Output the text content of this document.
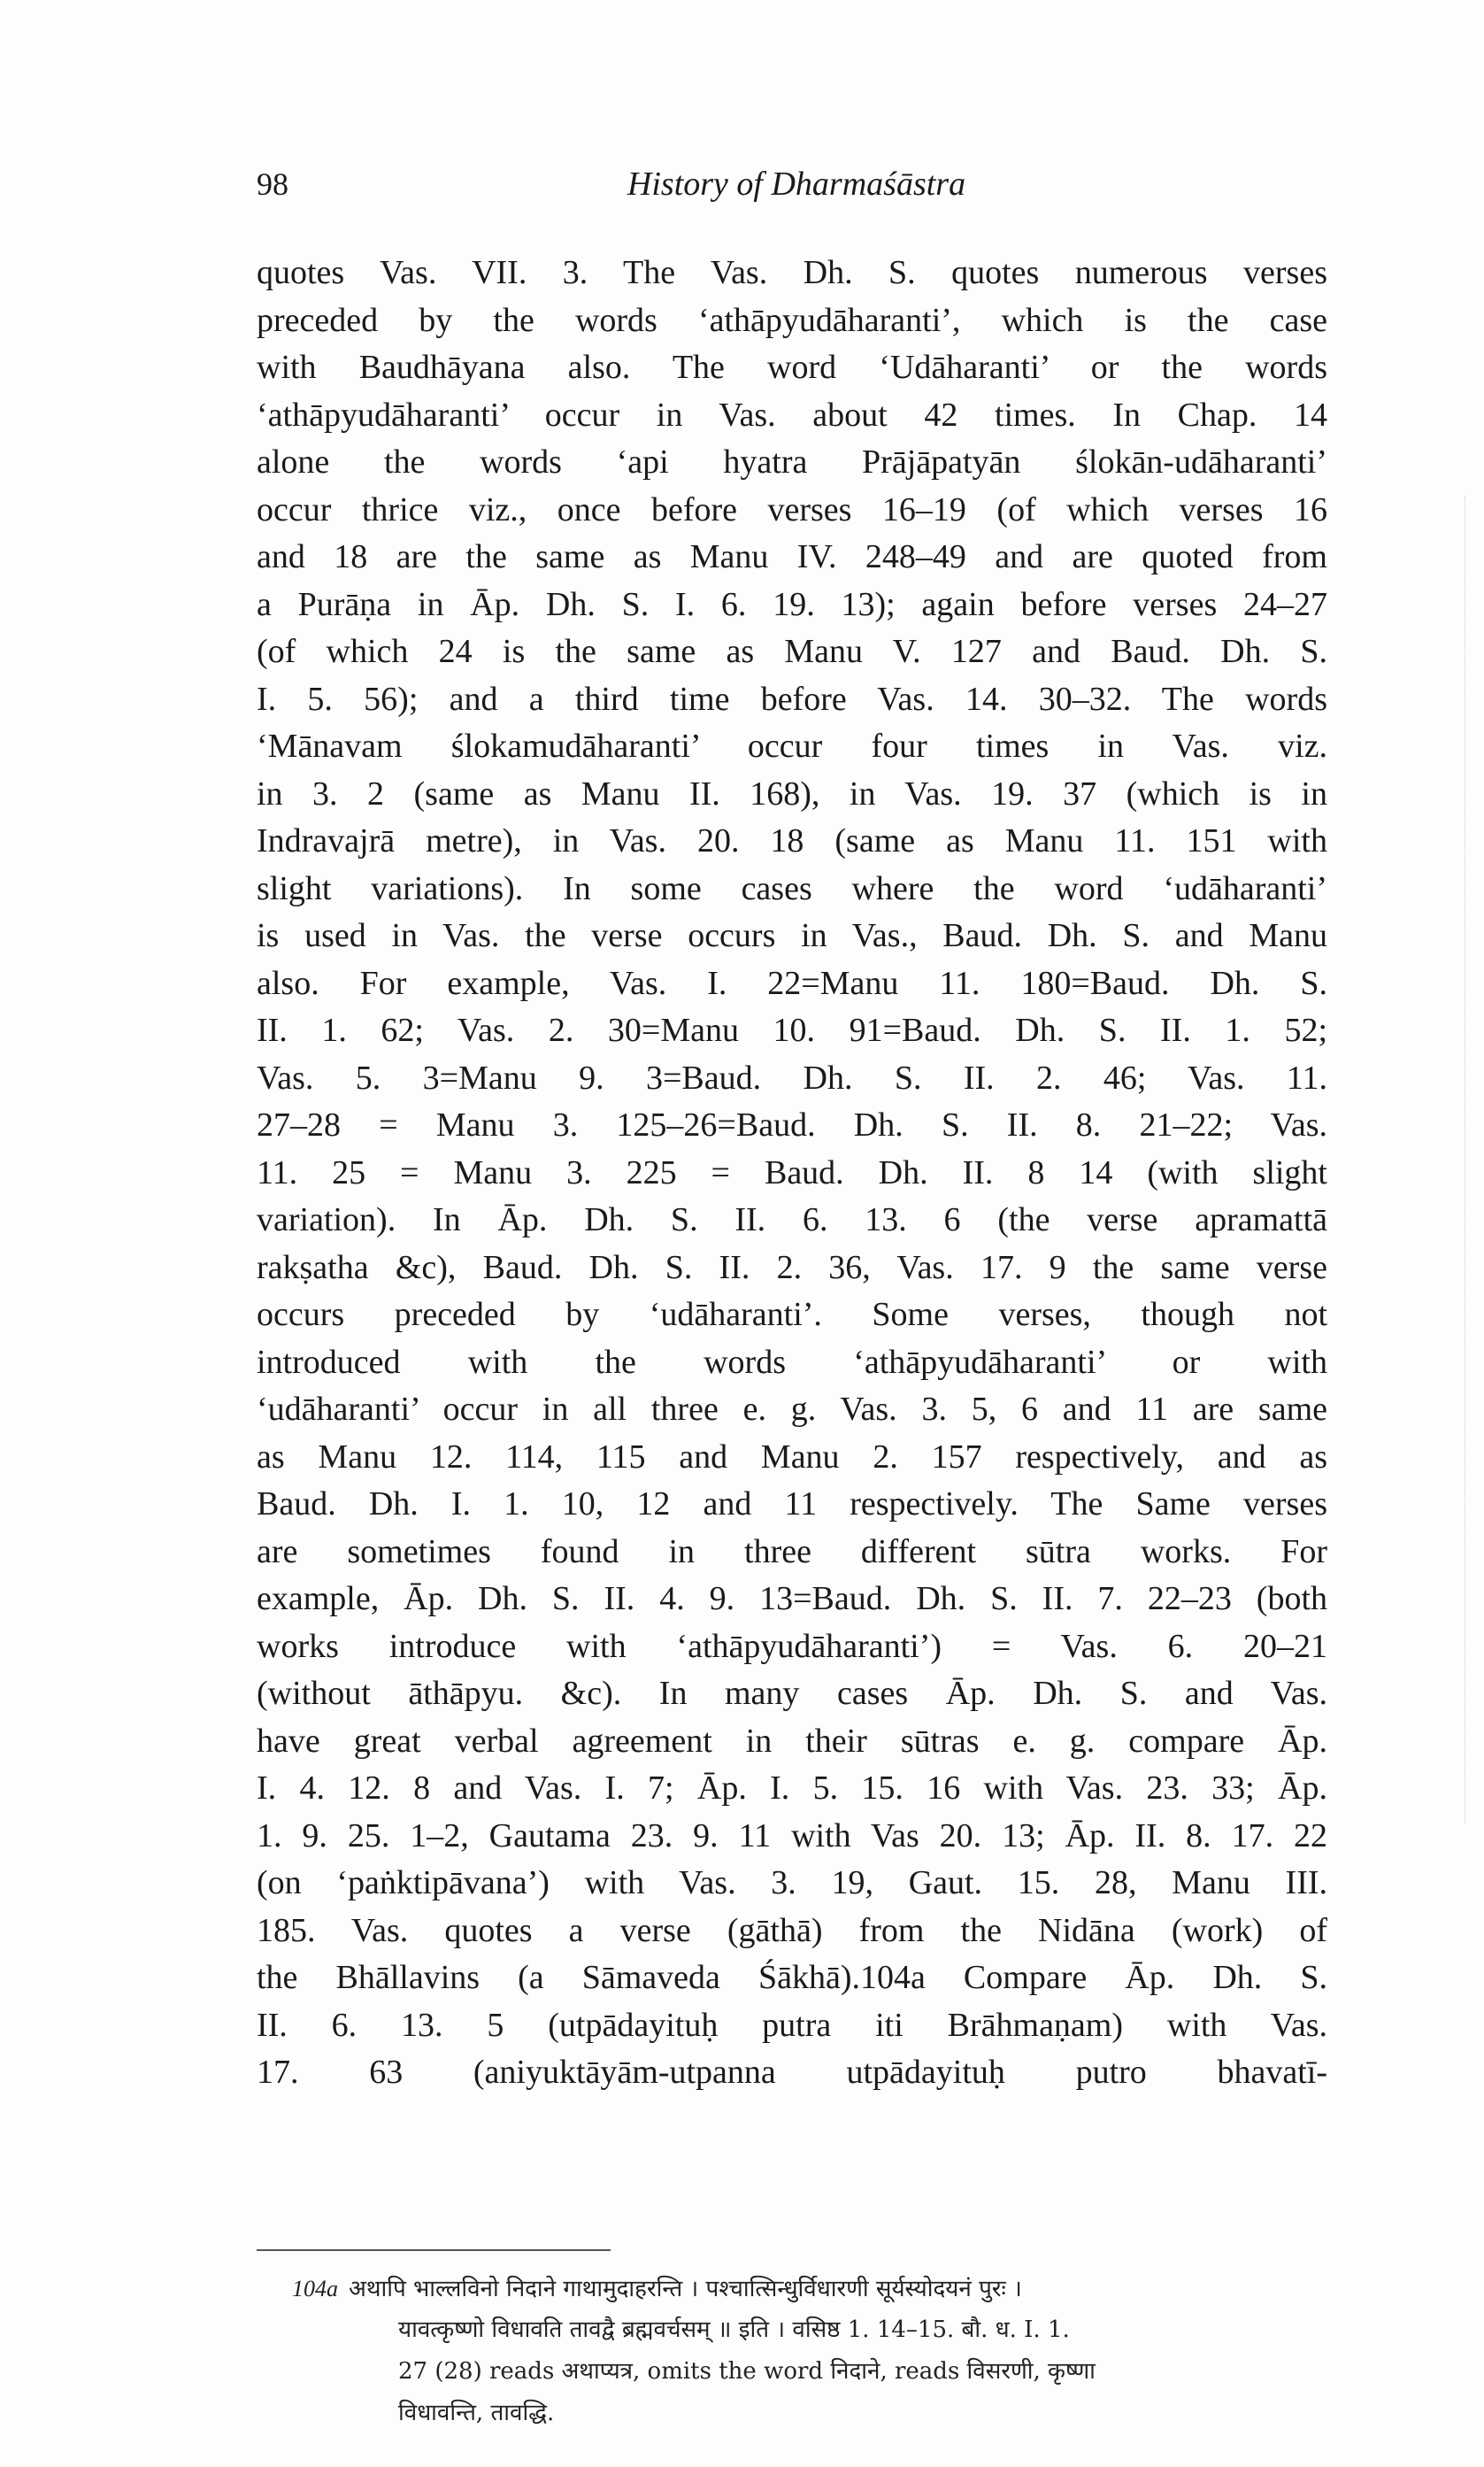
98	History of Dharmaśāstra
quotes Vas. VII. 3. The Vas. Dh. S. quotes numerous verses
preceded by the words ‘athāpyudāharanti’, which is the case
with Baudhāyana also. The word ‘Udāharanti’ or the words
‘athāpyudāharanti’ occur in Vas. about 42 times. In Chap. 14
alone the words ‘api hyatra Prājāpatyān ślokān-udāharanti’
occur thrice viz., once before verses 16–19 (of which verses 16
and 18 are the same as Manu IV. 248–49 and are quoted from
a Purāṇa in Āp. Dh. S. I. 6. 19. 13); again before verses 24–27
(of which 24 is the same as Manu V. 127 and Baud. Dh. S.
I. 5. 56); and a third time before Vas. 14. 30–32. The words
‘Mānavam ślokamudāharanti’ occur four times in Vas. viz.
in 3. 2 (same as Manu II. 168), in Vas. 19. 37 (which is in
Indravajrā metre), in Vas. 20. 18 (same as Manu 11. 151 with
slight variations). In some cases where the word ‘udāharanti’
is used in Vas. the verse occurs in Vas., Baud. Dh. S. and Manu
also. For example, Vas. I. 22=Manu 11. 180=Baud. Dh. S.
II. 1. 62; Vas. 2. 30=Manu 10. 91=Baud. Dh. S. II. 1. 52;
Vas. 5. 3=Manu 9. 3=Baud. Dh. S. II. 2. 46; Vas. 11.
27–28 = Manu 3. 125–26=Baud. Dh. S. II. 8. 21–22; Vas.
11. 25 = Manu 3. 225 = Baud. Dh. II. 8 14 (with slight
variation). In Āp. Dh. S. II. 6. 13. 6 (the verse apramattā
rakṣatha &c), Baud. Dh. S. II. 2. 36, Vas. 17. 9 the same verse
occurs preceded by ‘udāharanti’. Some verses, though not
introduced with the words ‘athāpyudāharanti’ or with
‘udāharanti’ occur in all three e. g. Vas. 3. 5, 6 and 11 are same
as Manu 12. 114, 115 and Manu 2. 157 respectively, and as
Baud. Dh. I. 1. 10, 12 and 11 respectively. The Same verses
are sometimes found in three different sūtra works. For
example, Āp. Dh. S. II. 4. 9. 13=Baud. Dh. S. II. 7. 22–23 (both
works introduce with ‘athāpyudāharanti’) = Vas. 6. 20–21
(without āthāpyu. &c). In many cases Āp. Dh. S. and Vas.
have great verbal agreement in their sūtras e. g. compare Āp.
I. 4. 12. 8 and Vas. I. 7; Āp. I. 5. 15. 16 with Vas. 23. 33; Āp.
1. 9. 25. 1–2, Gautama 23. 9. 11 with Vas 20. 13; Āp. II. 8. 17. 22
(on ‘paṅktipāvana’) with Vas. 3. 19, Gaut. 15. 28, Manu III.
185. Vas. quotes a verse (gāthā) from the Nidāna (work) of
the Bhāllavins (a Sāmaveda Śākhā).104a Compare Āp. Dh. S.
II. 6. 13. 5 (utpādayituḥ putra iti Brāhmaṇam) with Vas.
17. 63 (aniyuktāyām-utpanna utpādayituḥ putro bhavatī-
104a अथापि भाल्लविनो निदाने गाथामुदाहरन्ति । पश्चात्सिन्धुर्विधारणी सूर्यस्योदयनं पुरः ।
यावत्कृष्णो विधावति तावद्वै ब्रह्मवर्चसम् ॥ इति । वसिष्ठ 1. 14–15. बौ. ध. I. 1.
27 (28) reads अथाप्यत्र, omits the word निदाने, reads विसरणी, कृष्णा
विधावन्ति, तावद्धि.
